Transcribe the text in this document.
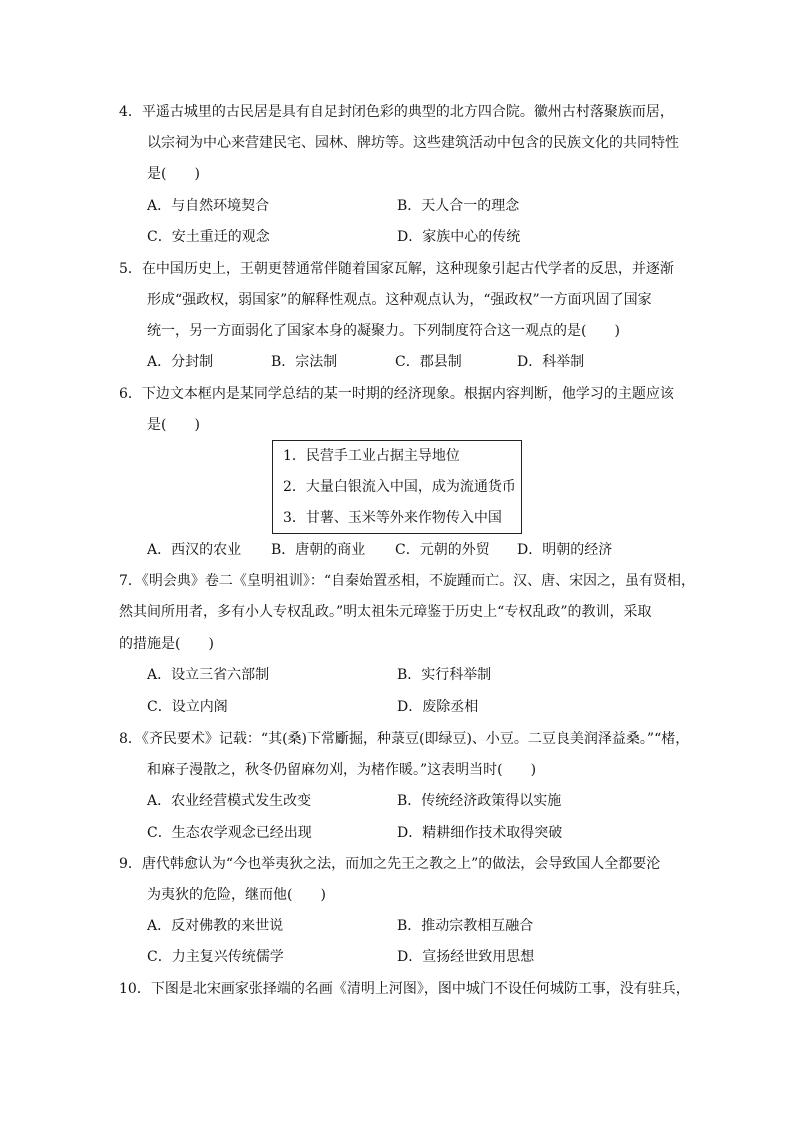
4．平遥古城里的古民居是具有自足封闭色彩的典型的北方四合院。徽州古村落聚族而居，
以宗祠为中心来营建民宅、园林、牌坊等。这些建筑活动中包含的民族文化的共同特性
是(　　)
A．与自然环境契合	B．天人合一的理念
C．安土重迁的观念	D．家族中心的传统
5．在中国历史上，王朝更替通常伴随着国家瓦解，这种现象引起古代学者的反思，并逐渐
形成“强政权，弱国家”的解释性观点。这种观点认为，“强政权”一方面巩固了国家
统一，另一方面弱化了国家本身的凝聚力。下列制度符合这一观点的是(　　)
A．分封制	B．宗法制	C．郡县制	D．科举制
6．下边文本框内是某同学总结的某一时期的经济现象。根据内容判断，他学习的主题应该
是(　　)
1．民营手工业占据主导地位
2．大量白银流入中国，成为流通货币
3．甘薯、玉米等外来作物传入中国
A．西汉的农业 B．唐朝的商业 C．元朝的外贸 D．明朝的经济
7．《明会典》卷二《皇明祖训》：“自秦始置丞相，不旋踵而亡。汉、唐、宋因之，虽有贤相，
然其间所用者，多有小人专权乱政。”明太祖朱元璋鉴于历史上“专权乱政”的教训，采取
的措施是(　　)
A．设立三省六部制	B．实行科举制
C．设立内阁	D．废除丞相
8．《齐民要术》记载：“其(桑)下常斸掘，种菉豆(即绿豆)、小豆。二豆良美润泽益桑。”“楮，
和麻子漫散之，秋冬仍留麻勿刈，为楮作暖。”这表明当时(　　)
A．农业经营模式发生改变	B．传统经济政策得以实施
C．生态农学观念已经出现	D．精耕细作技术取得突破
9．唐代韩愈认为“今也举夷狄之法，而加之先王之教之上”的做法，会导致国人全都要沦
为夷狄的危险，继而他(　　)
A．反对佛教的来世说	B．推动宗教相互融合
C．力主复兴传统儒学	D．宣扬经世致用思想
10．下图是北宋画家张择端的名画《清明上河图》，图中城门不设任何城防工事，没有驻兵，
